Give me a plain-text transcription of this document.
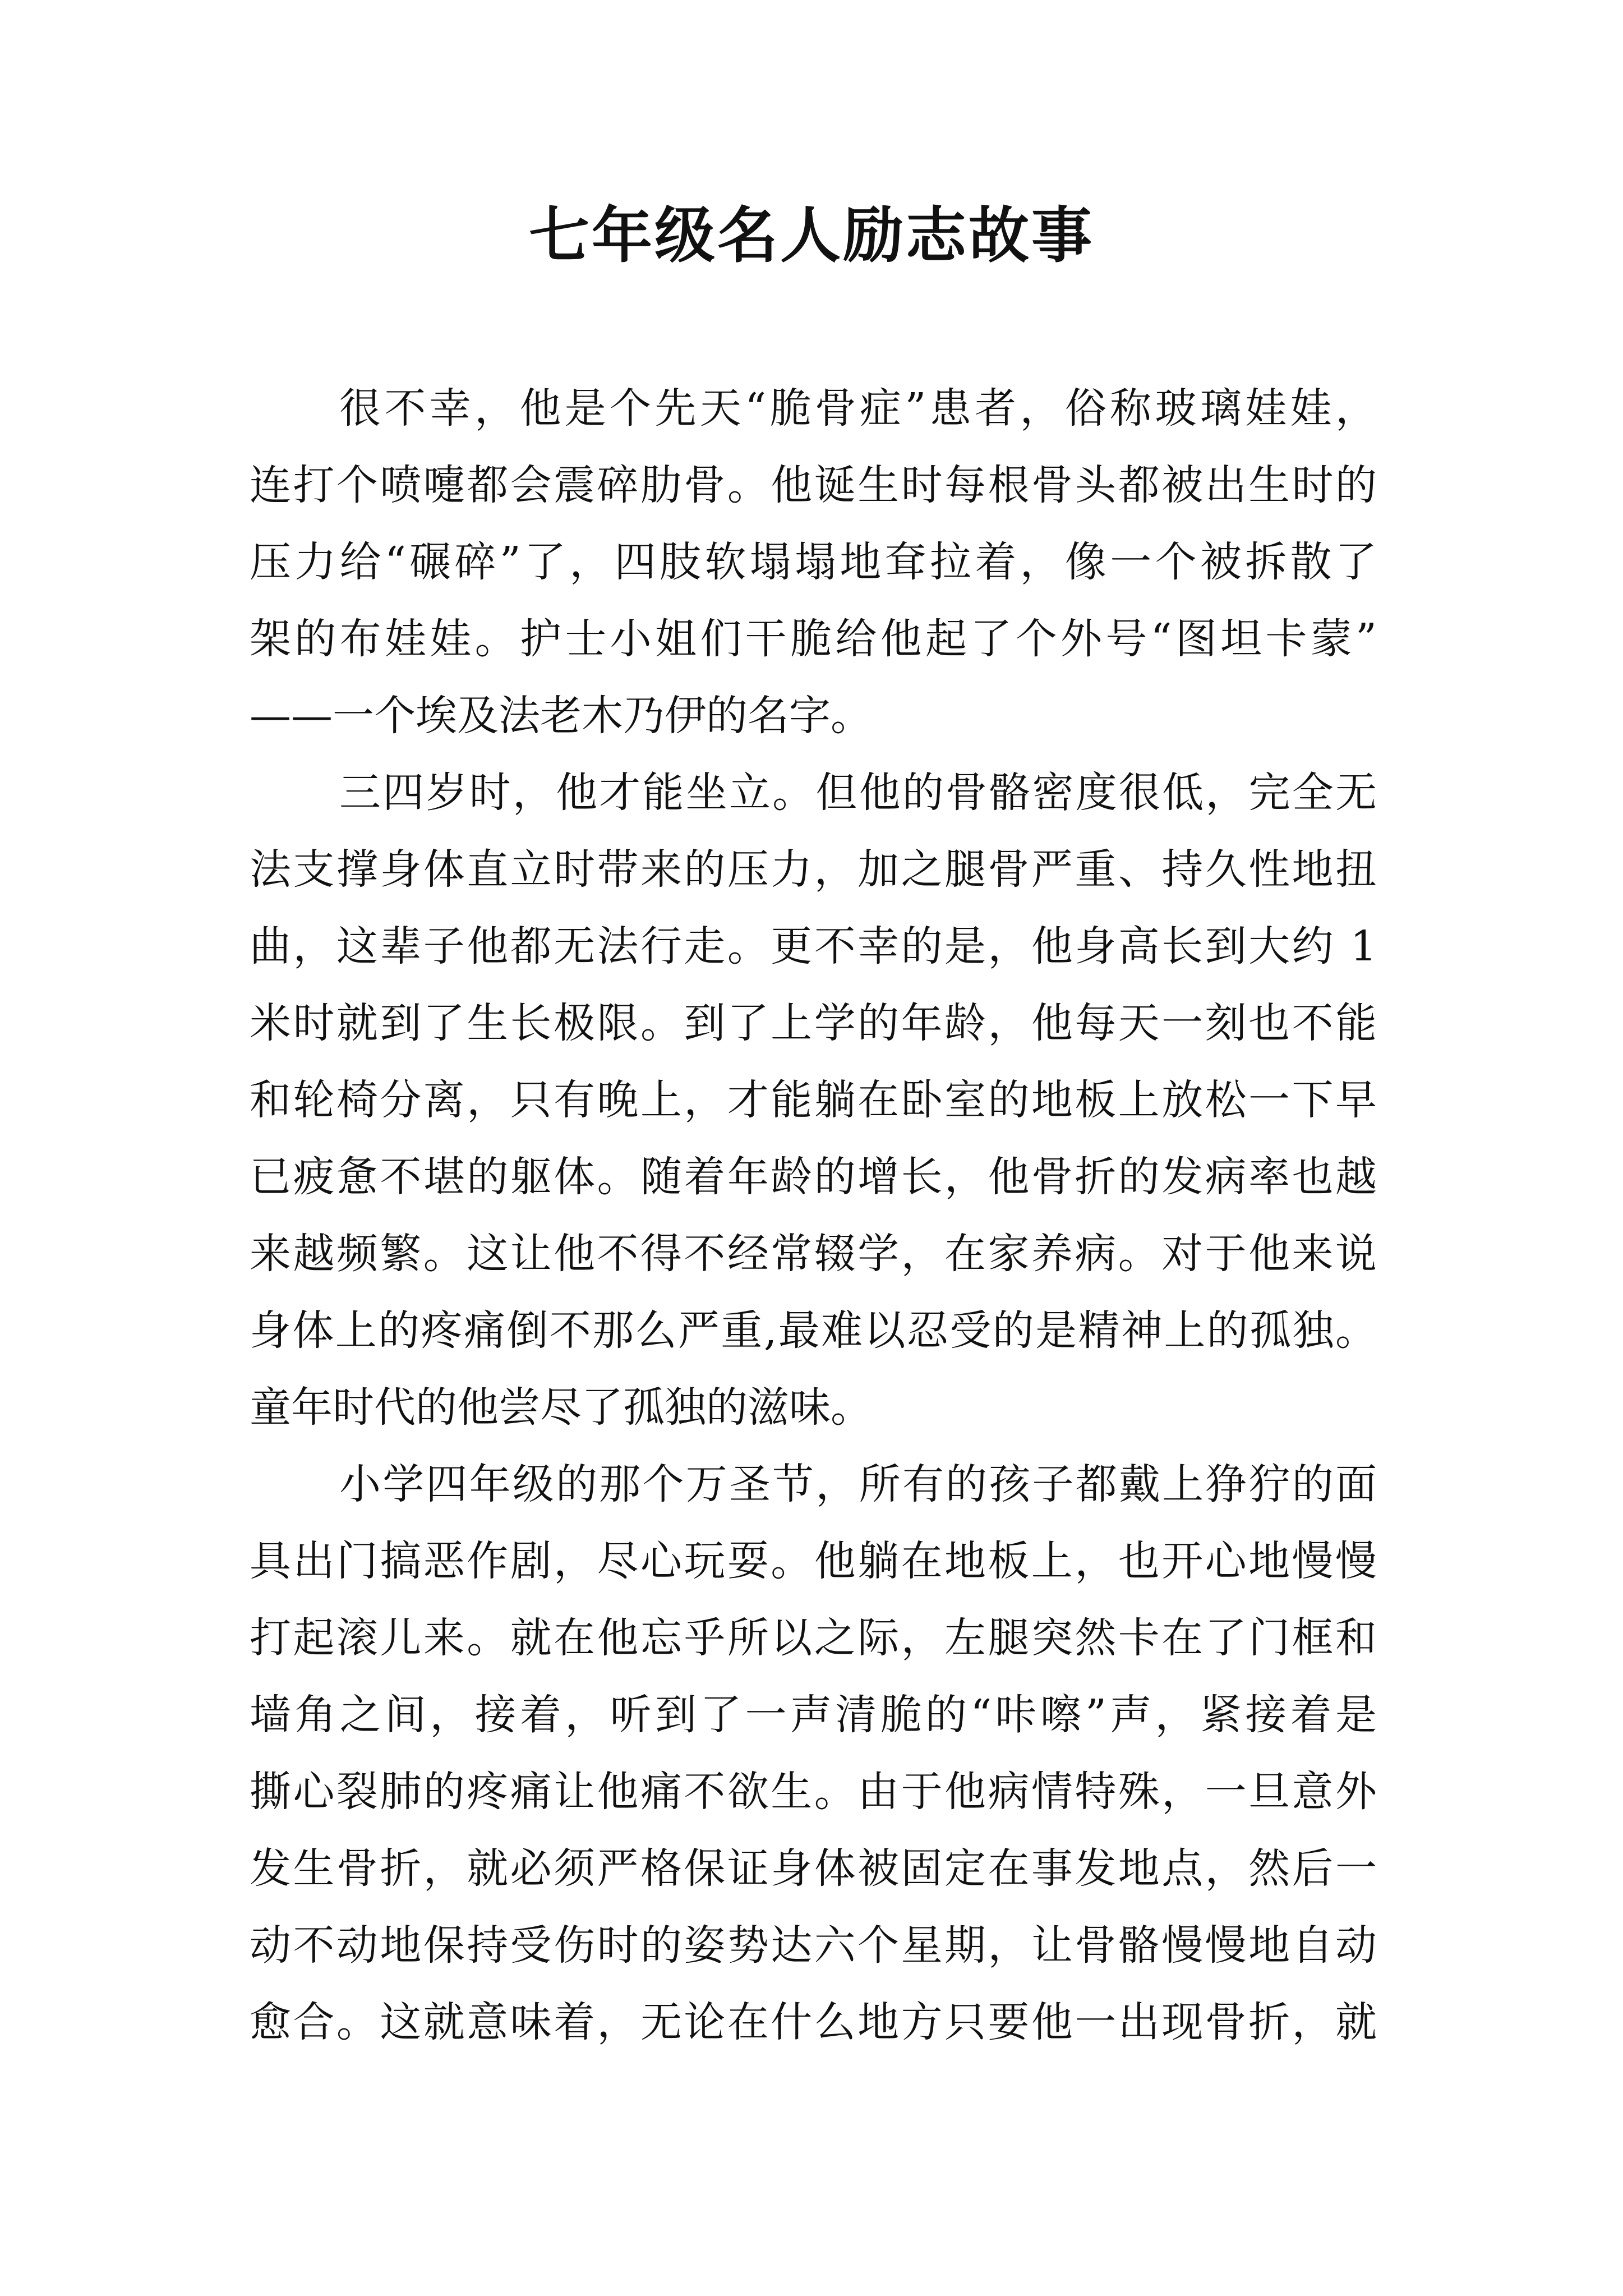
七年级名人励志故事
很不幸，他是个先天“脆骨症”患者，俗称玻璃娃娃，
连打个喷嚏都会震碎肋骨。他诞生时每根骨头都被出生时的
压力给“碾碎”了，四肢软塌塌地耷拉着，像一个被拆散了
架的布娃娃。护士小姐们干脆给他起了个外号“图坦卡蒙”
——一个埃及法老木乃伊的名字。
三四岁时，他才能坐立。但他的骨骼密度很低，完全无
法支撑身体直立时带来的压力，加之腿骨严重、持久性地扭
曲，这辈子他都无法行走。更不幸的是，他身高长到大约 1
米时就到了生长极限。到了上学的年龄，他每天一刻也不能
和轮椅分离，只有晚上，才能躺在卧室的地板上放松一下早
已疲惫不堪的躯体。随着年龄的增长，他骨折的发病率也越
来越频繁。这让他不得不经常辍学，在家养病。对于他来说
身体上的疼痛倒不那么严重,最难以忍受的是精神上的孤独。
童年时代的他尝尽了孤独的滋味。
小学四年级的那个万圣节，所有的孩子都戴上狰狞的面
具出门搞恶作剧，尽心玩耍。他躺在地板上，也开心地慢慢
打起滚儿来。就在他忘乎所以之际，左腿突然卡在了门框和
墙角之间，接着，听到了一声清脆的“咔嚓”声，紧接着是
撕心裂肺的疼痛让他痛不欲生。由于他病情特殊，一旦意外
发生骨折，就必须严格保证身体被固定在事发地点，然后一
动不动地保持受伤时的姿势达六个星期，让骨骼慢慢地自动
愈合。这就意味着，无论在什么地方只要他一出现骨折，就
